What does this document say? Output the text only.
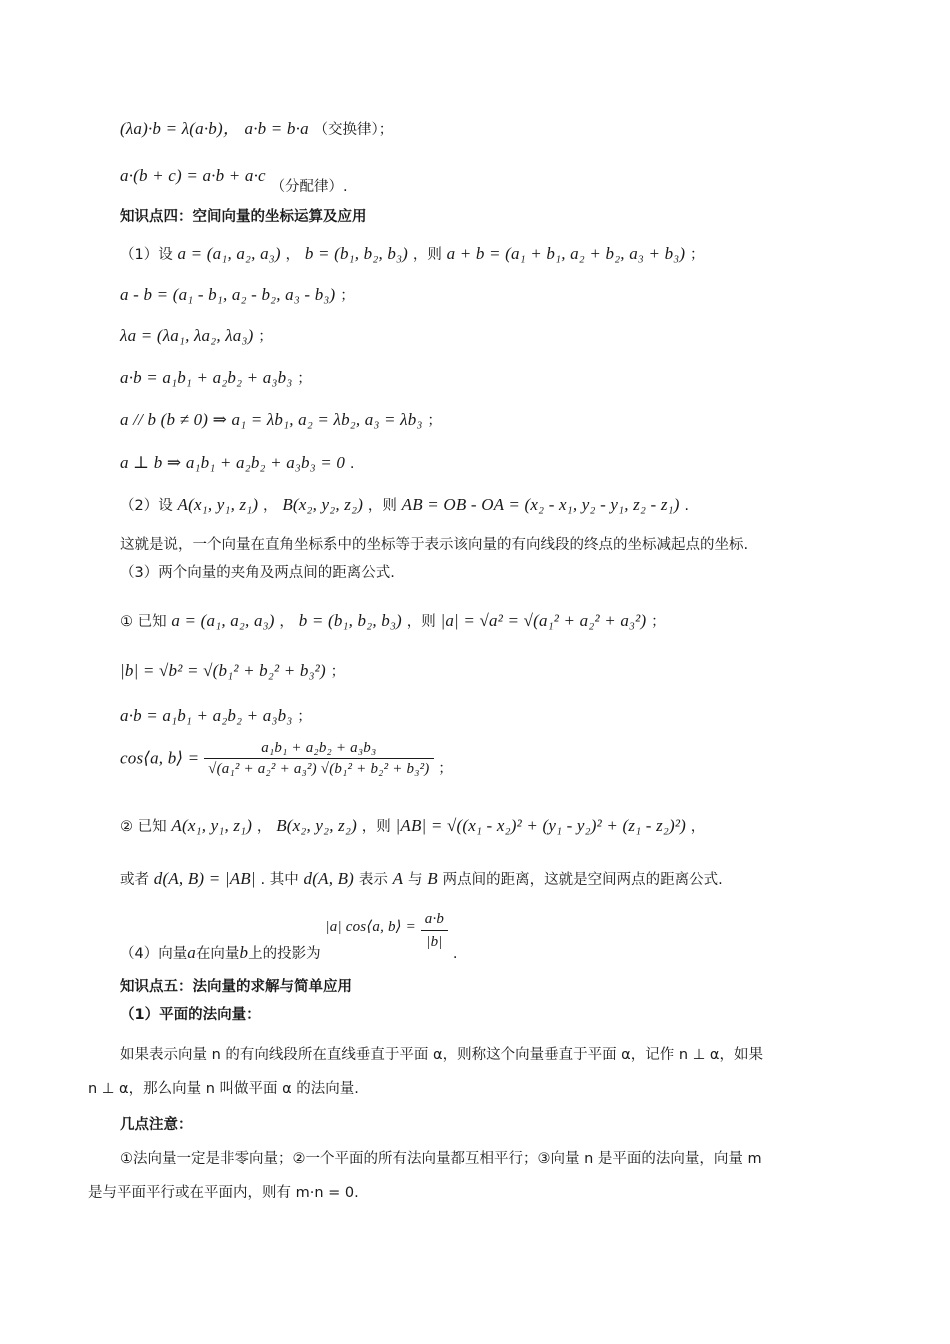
(λa)·b = λ(a·b)， a·b = b·a （交换律）；
a·(b + c) = a·b + a·c （分配律）.
知识点四：空间向量的坐标运算及应用
（1）设 a = (a₁, a₂, a₃) ， b = (b₁, b₂, b₃) ，则 a + b = (a₁ + b₁, a₂ + b₂, a₃ + b₃) ；
a - b = (a₁ - b₁, a₂ - b₂, a₃ - b₃) ；
λa = (λa₁, λa₂, λa₃) ；
a·b = a₁b₁ + a₂b₂ + a₃b₃ ；
a // b (b ≠ 0) ⇒ a₁ = λb₁, a₂ = λb₂, a₃ = λb₃ ；
a ⊥ b ⇒ a₁b₁ + a₂b₂ + a₃b₃ = 0 .
（2）设 A(x₁, y₁, z₁) ， B(x₂, y₂, z₂) ，则 AB = OB - OA = (x₂ - x₁, y₂ - y₁, z₂ - z₁) .
这就是说，一个向量在直角坐标系中的坐标等于表示该向量的有向线段的终点的坐标减起点的坐标.
（3）两个向量的夹角及两点间的距离公式.
① 已知 a = (a₁, a₂, a₃) ， b = (b₁, b₂, b₃) ，则 |a| = √a² = √(a₁² + a₂² + a₃²) ；
|b| = √b² = √(b₁² + b₂² + b₃²) ；
a·b = a₁b₁ + a₂b₂ + a₃b₃ ；
cos⟨a, b⟩ = $\frac{\text{a₁b₁ + a₂b₂ + a₃b₃}}{\text{√(a₁² + a₂² + a₃²) √(b₁² + b₂² + b₃²)}}$ ；
② 已知 A(x₁, y₁, z₁) ， B(x₂, y₂, z₂) ，则 |AB| = √((x₁ - x₂)² + (y₁ - y₂)² + (z₁ - z₂)²) ，
或者 d(A, B) = |AB| . 其中 d(A, B) 表示 A 与 B 两点间的距离，这就是空间两点的距离公式.
（4）向量a在向量b上的投影为 |a| cos⟨a, b⟩ = $\frac{a\cdot b}{|b|}$
.
知识点五：法向量的求解与简单应用
（1）平面的法向量：
如果表示向量 n 的有向线段所在直线垂直于平面 α，则称这个向量垂直于平面 α，记作 n ⊥ α，如果
n ⊥ α，那么向量 n 叫做平面 α 的法向量.
几点注意：
①法向量一定是非零向量；②一个平面的所有法向量都互相平行；③向量 n 是平面的法向量，向量 m
是与平面平行或在平面内，则有 m·n = 0.
